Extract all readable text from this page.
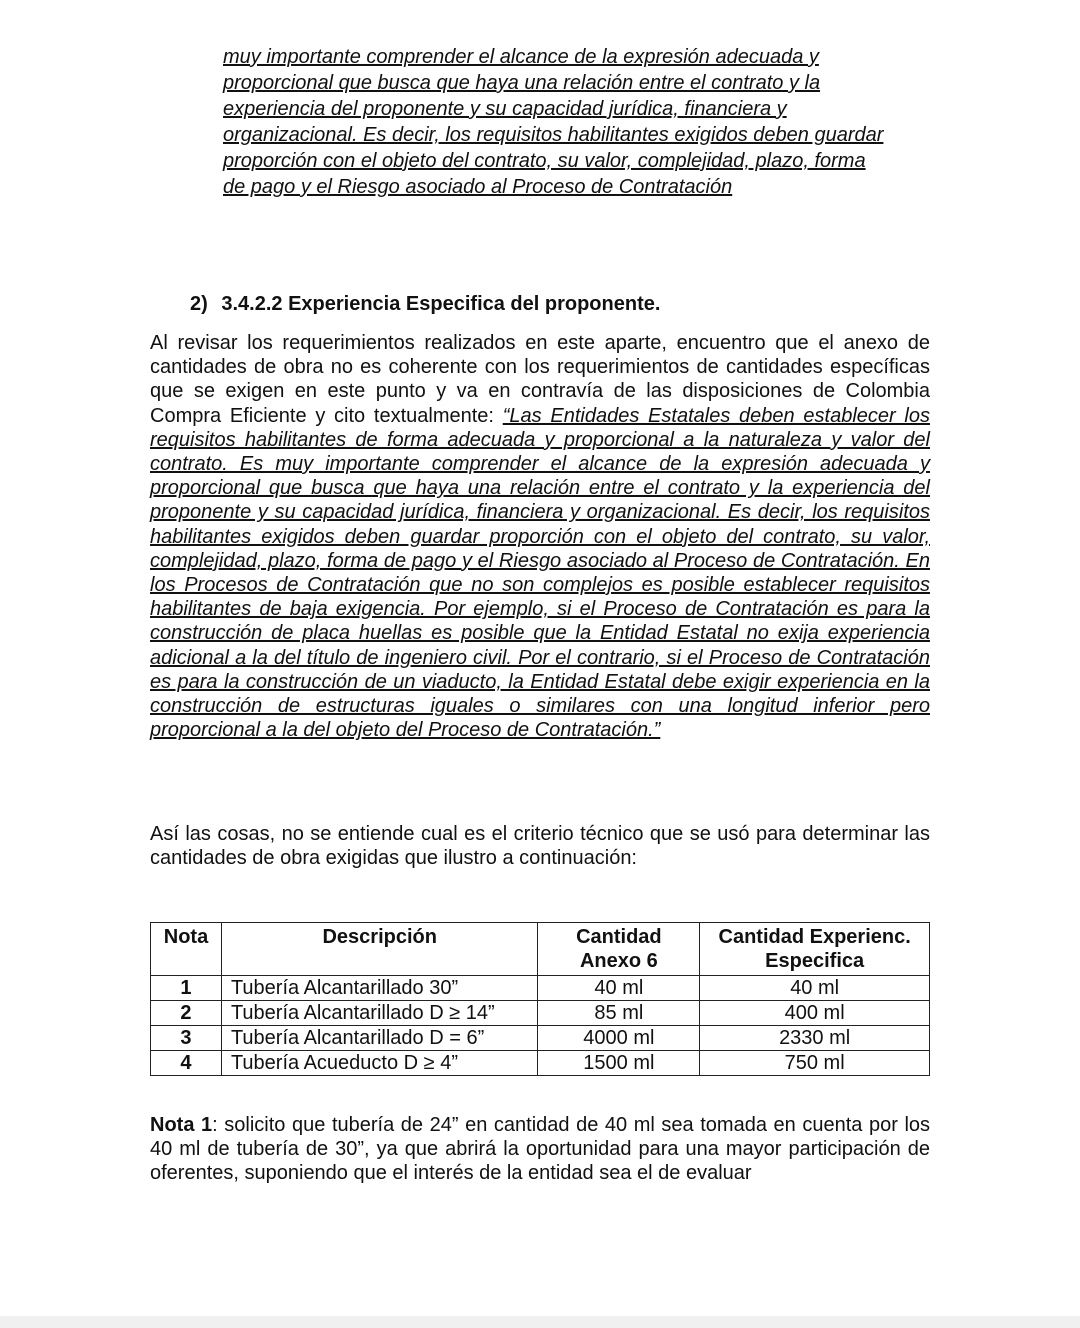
muy importante comprender el alcance de la expresión adecuada y
proporcional que busca que haya una relación entre el contrato y la
experiencia del proponente y su capacidad jurídica, financiera y
organizacional. Es decir, los requisitos habilitantes exigidos deben guardar
proporción con el objeto del contrato, su valor, complejidad, plazo, forma
de pago y el Riesgo asociado al Proceso de Contratación
2) 3.4.2.2 Experiencia Especifica del proponente.
Al revisar los requerimientos realizados en este aparte, encuentro que el anexo de cantidades de obra no es coherente con los requerimientos de cantidades específicas que se exigen en este punto y va en contravía de las disposiciones de Colombia Compra Eficiente y cito textualmente: “Las Entidades Estatales deben establecer los requisitos habilitantes de forma adecuada y proporcional a la naturaleza y valor del contrato. Es muy importante comprender el alcance de la expresión adecuada y proporcional que busca que haya una relación entre el contrato y la experiencia del proponente y su capacidad jurídica, financiera y organizacional. Es decir, los requisitos habilitantes exigidos deben guardar proporción con el objeto del contrato, su valor, complejidad, plazo, forma de pago y el Riesgo asociado al Proceso de Contratación. En los Procesos de Contratación que no son complejos es posible establecer requisitos habilitantes de baja exigencia. Por ejemplo, si el Proceso de Contratación es para la construcción de placa huellas es posible que la Entidad Estatal no exija experiencia adicional a la del título de ingeniero civil. Por el contrario, si el Proceso de Contratación es para la construcción de un viaducto, la Entidad Estatal debe exigir experiencia en la construcción de estructuras iguales o similares con una longitud inferior pero proporcional a la del objeto del Proceso de Contratación.”
Así las cosas, no se entiende cual es el criterio técnico que se usó para determinar las cantidades de obra exigidas que ilustro a continuación:
Nota	Descripción	Cantidad Anexo 6	Cantidad Experienc. Especifica
1	Tubería Alcantarillado 30”	40 ml	40 ml
2	Tubería Alcantarillado D ≥ 14”	85 ml	400 ml
3	Tubería Alcantarillado D = 6”	4000 ml	2330 ml
4	Tubería Acueducto D ≥ 4”	1500 ml	750 ml
Nota 1: solicito que tubería de 24” en cantidad de 40 ml sea tomada en cuenta por los 40 ml de tubería de 30”, ya que abrirá la oportunidad para una mayor participación de oferentes, suponiendo que el interés de la entidad sea el de evaluar
